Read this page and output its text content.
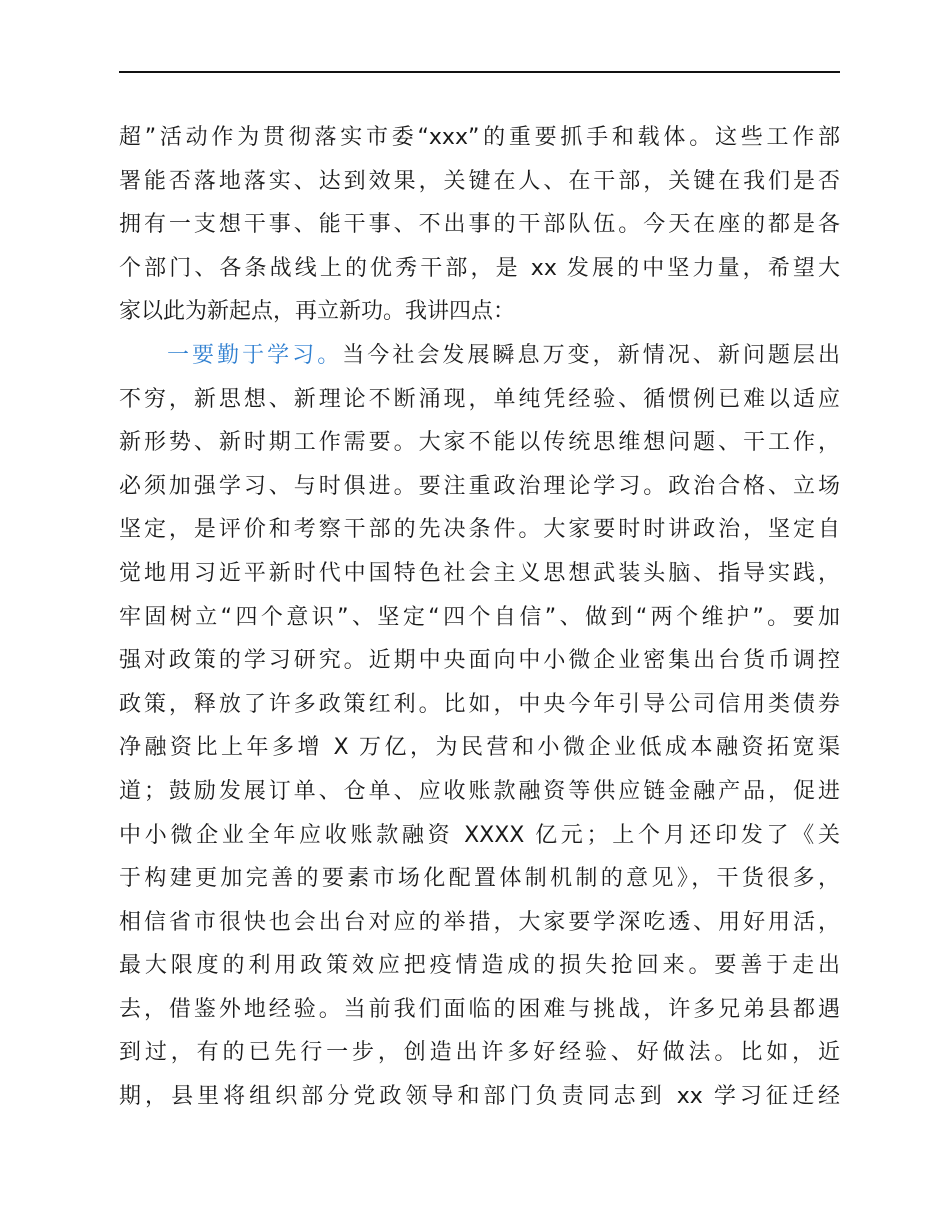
超”活动作为贯彻落实市委“xxx”的重要抓手和载体。这些工作部
署能否落地落实、达到效果，关键在人、在干部，关键在我们是否
拥有一支想干事、能干事、不出事的干部队伍。今天在座的都是各
个部门、各条战线上的优秀干部，是 xx 发展的中坚力量，希望大
家以此为新起点，再立新功。我讲四点：
一要勤于学习。当今社会发展瞬息万变，新情况、新问题层出
不穷，新思想、新理论不断涌现，单纯凭经验、循惯例已难以适应
新形势、新时期工作需要。大家不能以传统思维想问题、干工作，
必须加强学习、与时俱进。要注重政治理论学习。政治合格、立场
坚定，是评价和考察干部的先决条件。大家要时时讲政治，坚定自
觉地用习近平新时代中国特色社会主义思想武装头脑、指导实践，
牢固树立“四个意识”、坚定“四个自信”、做到“两个维护”。要加
强对政策的学习研究。近期中央面向中小微企业密集出台货币调控
政策，释放了许多政策红利。比如，中央今年引导公司信用类债券
净融资比上年多增 X 万亿，为民营和小微企业低成本融资拓宽渠
道；鼓励发展订单、仓单、应收账款融资等供应链金融产品，促进
中小微企业全年应收账款融资 XXXX 亿元；上个月还印发了《关
于构建更加完善的要素市场化配置体制机制的意见》，干货很多，
相信省市很快也会出台对应的举措，大家要学深吃透、用好用活，
最大限度的利用政策效应把疫情造成的损失抢回来。要善于走出
去，借鉴外地经验。当前我们面临的困难与挑战，许多兄弟县都遇
到过，有的已先行一步，创造出许多好经验、好做法。比如，近
期，县里将组织部分党政领导和部门负责同志到 xx 学习征迁经
